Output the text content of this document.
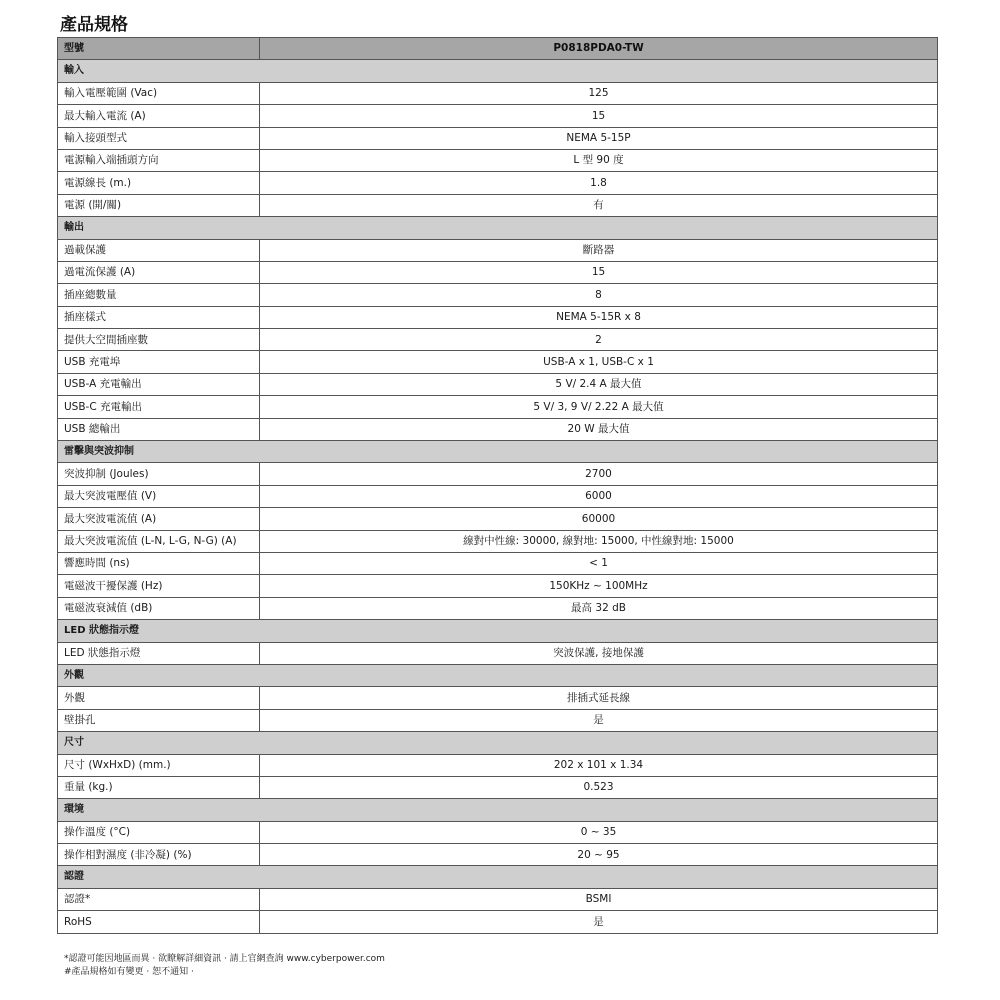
產品規格
型號	P0818PDA0-TW
輸入	
輸入電壓範圍 (Vac)	125
最大輸入電流 (A)	15
輸入接頭型式	NEMA 5-15P
電源輸入端插頭方向	L 型 90 度
電源線長 (m.)	1.8
電源 (開/關)	有
輸出	
過載保護	斷路器
過電流保護 (A)	15
插座總數量	8
插座樣式	NEMA 5-15R x 8
提供大空間插座數	2
USB 充電埠	USB-A x 1, USB-C x 1
USB-A 充電輸出	5 V/ 2.4 A 最大值
USB-C 充電輸出	5 V/ 3, 9 V/ 2.22 A 最大值
USB 總輸出	20 W 最大值
雷擊與突波抑制	
突波抑制 (Joules)	2700
最大突波電壓值 (V)	6000
最大突波電流值 (A)	60000
最大突波電流值 (L-N, L-G, N-G) (A)	線對中性線: 30000, 線對地: 15000, 中性線對地: 15000
響應時間 (ns)	< 1
電磁波干擾保護 (Hz)	150KHz ~ 100MHz
電磁波衰減值 (dB)	最高 32 dB
LED 狀態指示燈	
LED 狀態指示燈	突波保護, 接地保護
外觀	
外觀	排插式延長線
壁掛孔	是
尺寸	
尺寸 (WxHxD) (mm.)	202 x 101 x 1.34
重量 (kg.)	0.523
環境	
操作溫度 (°C)	0 ~ 35
操作相對濕度 (非冷凝) (%)	20 ~ 95
認證	
認證*	BSMI
RoHS	是
*認證可能因地區而異 · 欲瞭解詳細資訊 · 請上官網查詢 www.cyberpower.com
#產品規格如有變更 · 恕不通知 ·
